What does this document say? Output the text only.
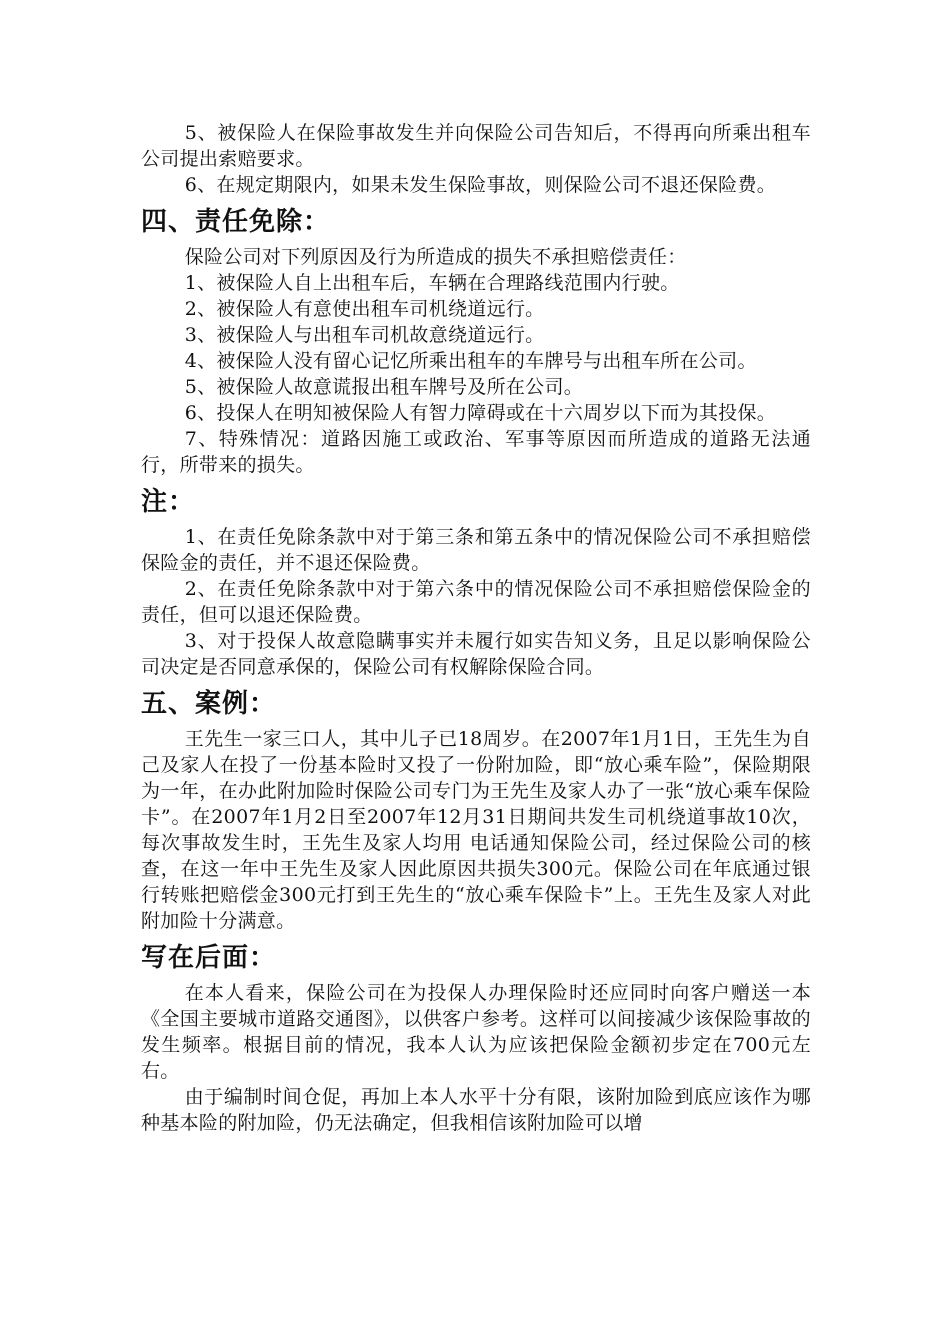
5、被保险人在保险事故发生并向保险公司告知后，不得再向所乘出租车公司提出索赔要求。

6、在规定期限内，如果未发生保险事故，则保险公司不退还保险费。

四、责任免除：

保险公司对下列原因及行为所造成的损失不承担赔偿责任：

1、被保险人自上出租车后，车辆在合理路线范围内行驶。

2、被保险人有意使出租车司机绕道远行。

3、被保险人与出租车司机故意绕道远行。

4、被保险人没有留心记忆所乘出租车的车牌号与出租车所在公司。

5、被保险人故意谎报出租车牌号及所在公司。

6、投保人在明知被保险人有智力障碍或在十六周岁以下而为其投保。

7、特殊情况：道路因施工或政治、军事等原因而所造成的道路无法通行，所带来的损失。

注：

1、在责任免除条款中对于第三条和第五条中的情况保险公司不承担赔偿保险金的责任，并不退还保险费。

2、在责任免除条款中对于第六条中的情况保险公司不承担赔偿保险金的责任，但可以退还保险费。

3、对于投保人故意隐瞒事实并未履行如实告知义务，且足以影响保险公司决定是否同意承保的，保险公司有权解除保险合同。

五、案例：

王先生一家三口人，其中儿子已18周岁。在2007年1月1日，王先生为自己及家人在投了一份基本险时又投了一份附加险，即“放心乘车险”，保险期限为一年，在办此附加险时保险公司专门为王先生及家人办了一张“放心乘车保险卡”。在2007年1月2日至2007年12月31日期间共发生司机绕道事故10次，每次事故发生时，王先生及家人均用 电话通知保险公司，经过保险公司的核查，在这一年中王先生及家人因此原因共损失300元。保险公司在年底通过银行转账把赔偿金300元打到王先生的“放心乘车保险卡”上。王先生及家人对此附加险十分满意。

写在后面：

在本人看来，保险公司在为投保人办理保险时还应同时向客户赠送一本《全国主要城市道路交通图》，以供客户参考。这样可以间接减少该保险事故的发生频率。根据目前的情况，我本人认为应该把保险金额初步定在700元左右。

由于编制时间仓促，再加上本人水平十分有限，该附加险到底应该作为哪种基本险的附加险，仍无法确定，但我相信该附加险可以增
